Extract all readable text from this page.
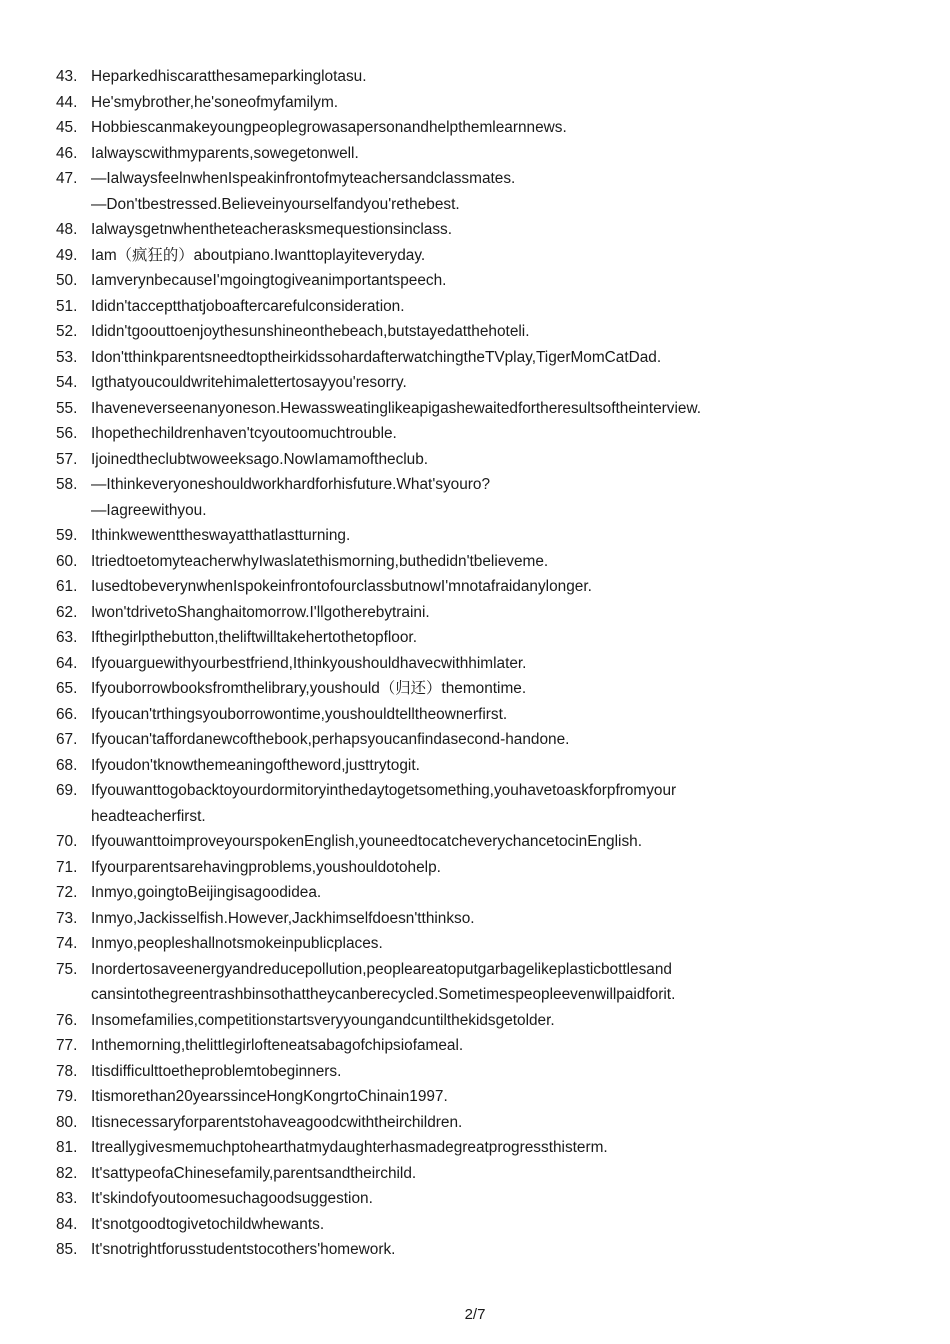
43. Heparkedhiscaratthesameparkinglotasu.
44. He'smybrother,he'soneofmyfamilym.
45. Hobbiescanmakeyoungpeoplegrowasapersonandhelpthemlearnnews.
46. Ialwayscwithmyparents,sowegetonwell.
47. —IalwaysfeelnwhenIspeakinfrontofmyteachersandclassmates.
—Don'tbestressed.Believeinyourselfandyou'rethebest.
48. Ialwaysgetnwhentheteacherasksmequestionsinclass.
49. Iam（疯狂的）aboutpiano.Iwanttoplayiteveryday.
50. IamverynbecauseI'mgoingtogiveanimportantspeech.
51. Ididn'tacceptthatjoboaftercarefulconsideration.
52. Ididn'tgoouttoenjoythesunshineonthebeach,butstayedatthehoteli.
53. Idon'tthinkparentsneedtoptheirkidssohardafterwatchingtheTVplay,TigerMomCatDad.
54. Igthatyoucouldwritehimalettertosayyou'resorry.
55. Ihaveneverseenanyoneson.Hewassweatinglikeapigashewaitedfortheresultsoftheinterview.
56. Ihopethechildrenhaven'tcyoutoomuchtrouble.
57. Ijoinedtheclubtwoweeksago.NowIamamoftheclub.
58. —Ithinkeveryoneshouldworkhardforhisfuture.What'syouro?
—Iagreewithyou.
59. Ithinkwewenttheswayatthatlastturning.
60. ItriedtoetomyteacherwhyIwaslatethismorning,buthedidn'tbelieveme.
61. IusedtobeverynwhenIspokeinfrontofourclassbutnowI'mnotafraidanylonger.
62. Iwon'tdrivetoShanghaitomorrow.I'llgotherebytraini.
63. Ifthegirlpthebutton,theliftwilltakehertothetopfloor.
64. Ifyouarguewithyourbestfriend,Ithinkyoushouldhavecwithhimlater.
65. Ifyouborrowbooksfromthelibrary,youshould（归还）themontime.
66. Ifyoucan'trthingsyouborrowontime,youshouldtelltheownerfirst.
67. Ifyoucan'taffordanewcofthebook,perhapsyoucanfindasecond-handone.
68. Ifyoudon'tknowthemeaningoftheword,justtrytogit.
69. Ifyouwanttogobacktoyourdormitoryinthedaytogetsomething,youhavetoaskforpfromyour
headteacherfirst.
70. IfyouwanttoimproveyourspokenEnglish,youneedtocatcheverychancetocinEnglish.
71. Ifyourparentsarehavingproblems,youshouldotohelp.
72. Inmyo,goingtoBeijingisagoodidea.
73. Inmyo,Jackisselfish.However,Jackhimselfdoesn'tthinkso.
74. Inmyo,peopleshallnotsmokeinpublicplaces.
75. Inordertosaveenergyandreducepollution,peopleareatoputgarbagelikeplasticbottlesand
cansintothegreentrashbinsothattheycanberecycled.Sometimespeopleevenwillpaidforit.
76. Insomefamilies,competitionstartsveryyoungandcuntilthekidsgetolder.
77. Inthemorning,thelittlegirlofteneatsabagofchipsiofameal.
78. Itisdifficulttoetheproblemtobeginners.
79. Itismorethan20yearssinceHongKongrtoChinain1997.
80. Itisnecessaryforparentstohaveagoodcwiththeirchildren.
81. Itreallygivesmemuchptohearthatmydaughterhasmadegreatprogressthisterm.
82. It'sattypeofaChinesefamily,parentsandtheirchild.
83. It'skindofyoutoomesuchagoodsuggestion.
84. It'snotgoodtogivetochildwhewants.
85. It'snotrightforusstudentstocothers'homework.
2/7
